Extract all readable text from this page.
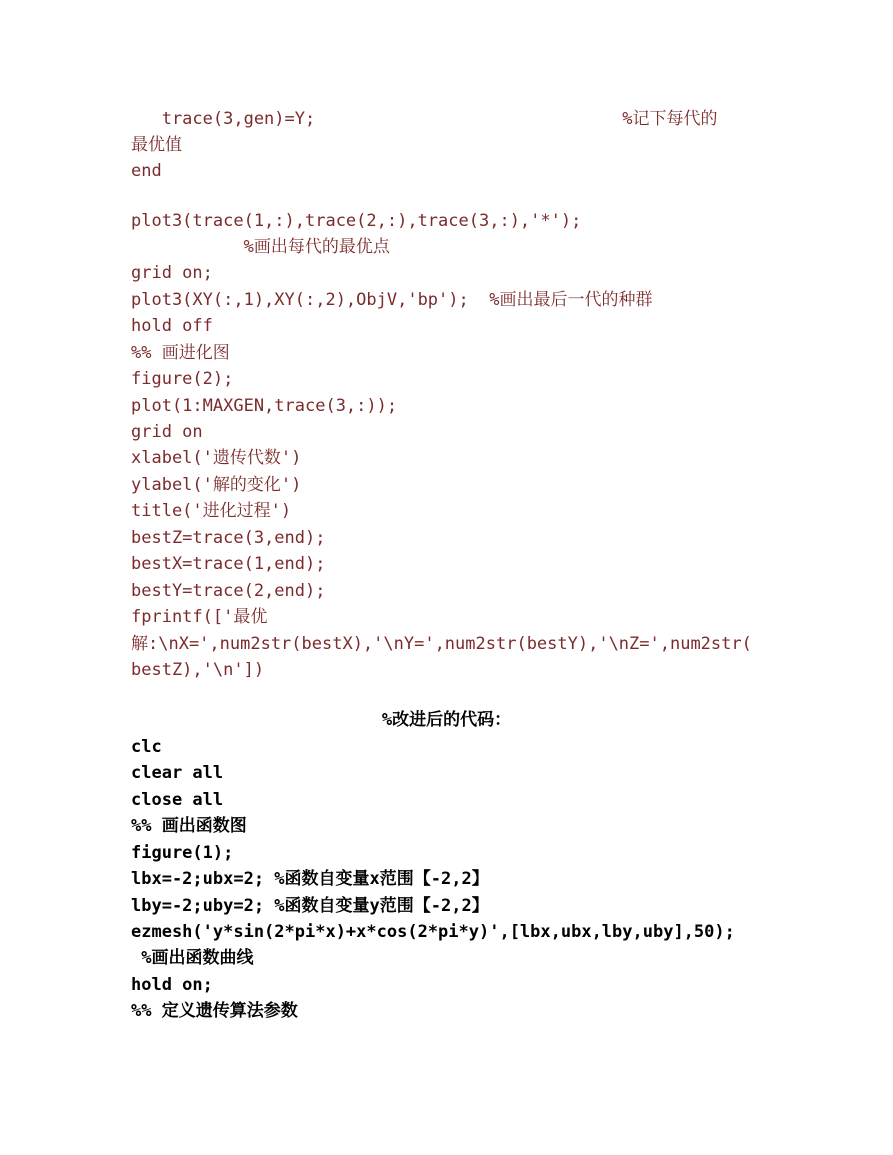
trace(3,gen)=Y;                              %记下每代的
最优值
end
plot3(trace(1,:),trace(2,:),trace(3,:),'*');
%画出每代的最优点
grid on;
plot3(XY(:,1),XY(:,2),ObjV,'bp');  %画出最后一代的种群
hold off
%% 画进化图
figure(2);
plot(1:MAXGEN,trace(3,:));
grid on
xlabel('遗传代数')
ylabel('解的变化')
title('进化过程')
bestZ=trace(3,end);
bestX=trace(1,end);
bestY=trace(2,end);
fprintf(['最优
解:\nX=',num2str(bestX),'\nY=',num2str(bestY),'\nZ=',num2str(
bestZ),'\n'])
%改进后的代码：
clc
clear all
close all
%% 画出函数图
figure(1);
lbx=-2;ubx=2; %函数自变量x范围【-2,2】
lby=-2;uby=2; %函数自变量y范围【-2,2】
ezmesh('y*sin(2*pi*x)+x*cos(2*pi*y)',[lbx,ubx,lby,uby],50);
%画出函数曲线
hold on;
%% 定义遗传算法参数
